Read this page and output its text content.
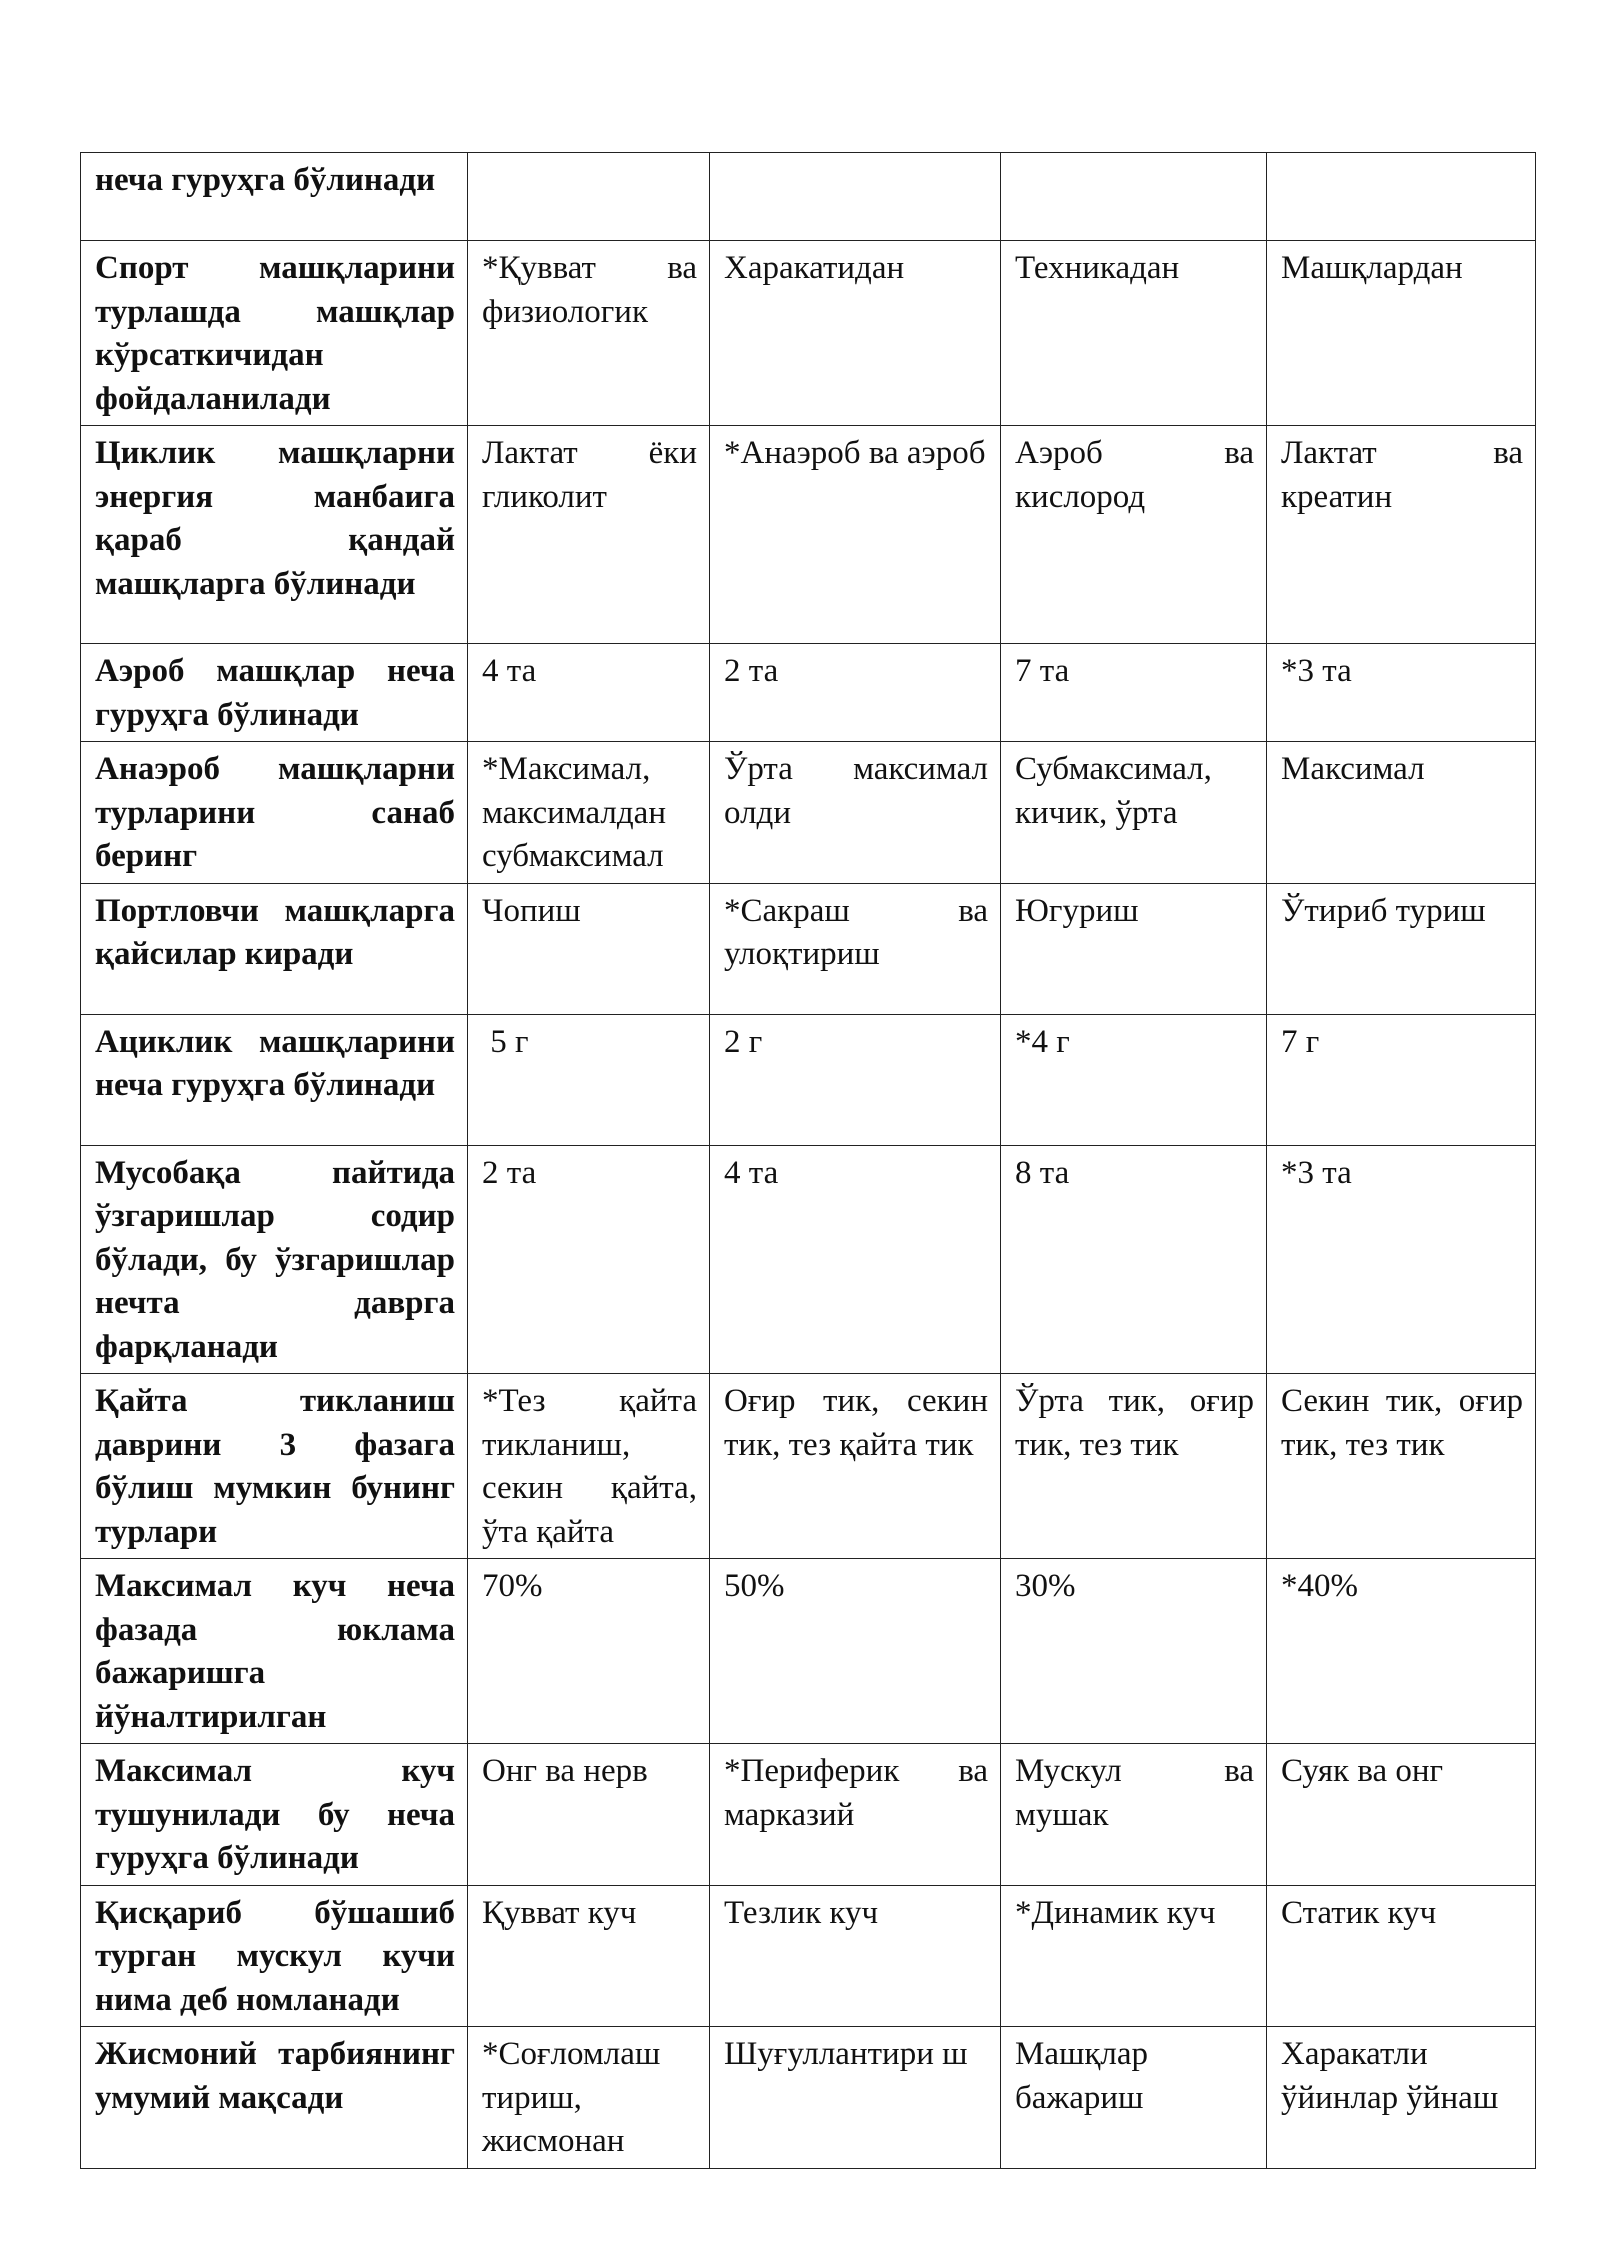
неча гуруҳга бўлинади				
Спорт машқларини турлашда машқлар кўрсаткичидан фойдаланилади	*Қувват ва физиологик	Харакатидан	Техникадан	Машқлардан
Циклик машқларни энергия манбаига қараб қандай машқларга бўлинади	Лактат ёки гликолит	*Анаэроб ва аэроб	Аэроб ва кислород	Лактат ва креатин
Аэроб машқлар неча гуруҳга бўлинади	4 та	2 та	7 та	*3 та
Анаэроб машқларни турларини санаб беринг	*Максимал, максималдан субмаксимал	Ўрта максимал олди	Субмаксимал, кичик, ўрта	Максимал
Портловчи машқларга қайсилар киради	Чопиш	*Сакраш ва улоқтириш	Югуриш	Ўтириб туриш
Ациклик машқларини неча гуруҳга бўлинади	5 г	2 г	*4 г	7 г
Мусобақа пайтида ўзгаришлар содир бўлади, бу ўзгаришлар нечта даврга фарқланади	2 та	4 та	8 та	*3 та
Қайта тикланиш даврини 3 фазага бўлиш мумкин бунинг турлари	*Тез қайта тикланиш, секин қайта, ўта қайта	Оғир тик, секин тик, тез қайта тик	Ўрта тик, оғир тик, тез тик	Секин тик, оғир тик, тез тик
Максимал куч неча фазада юклама бажаришга йўналтирилган	70%	50%	30%	*40%
Максимал куч тушунилади бу неча гуруҳга бўлинади	Онг ва нерв	*Периферик ва марказий	Мускул ва мушак	Суяк ва онг
Қисқариб бўшашиб турган мускул кучи нима деб номланади	Қувват куч	Тезлик куч	*Динамик куч	Статик куч
Жисмоний тарбиянинг умумий мақсади	*Соғломлаш тириш, жисмонан	Шуғуллантири ш	Машқлар бажариш	Харакатли ўйинлар ўйнаш
